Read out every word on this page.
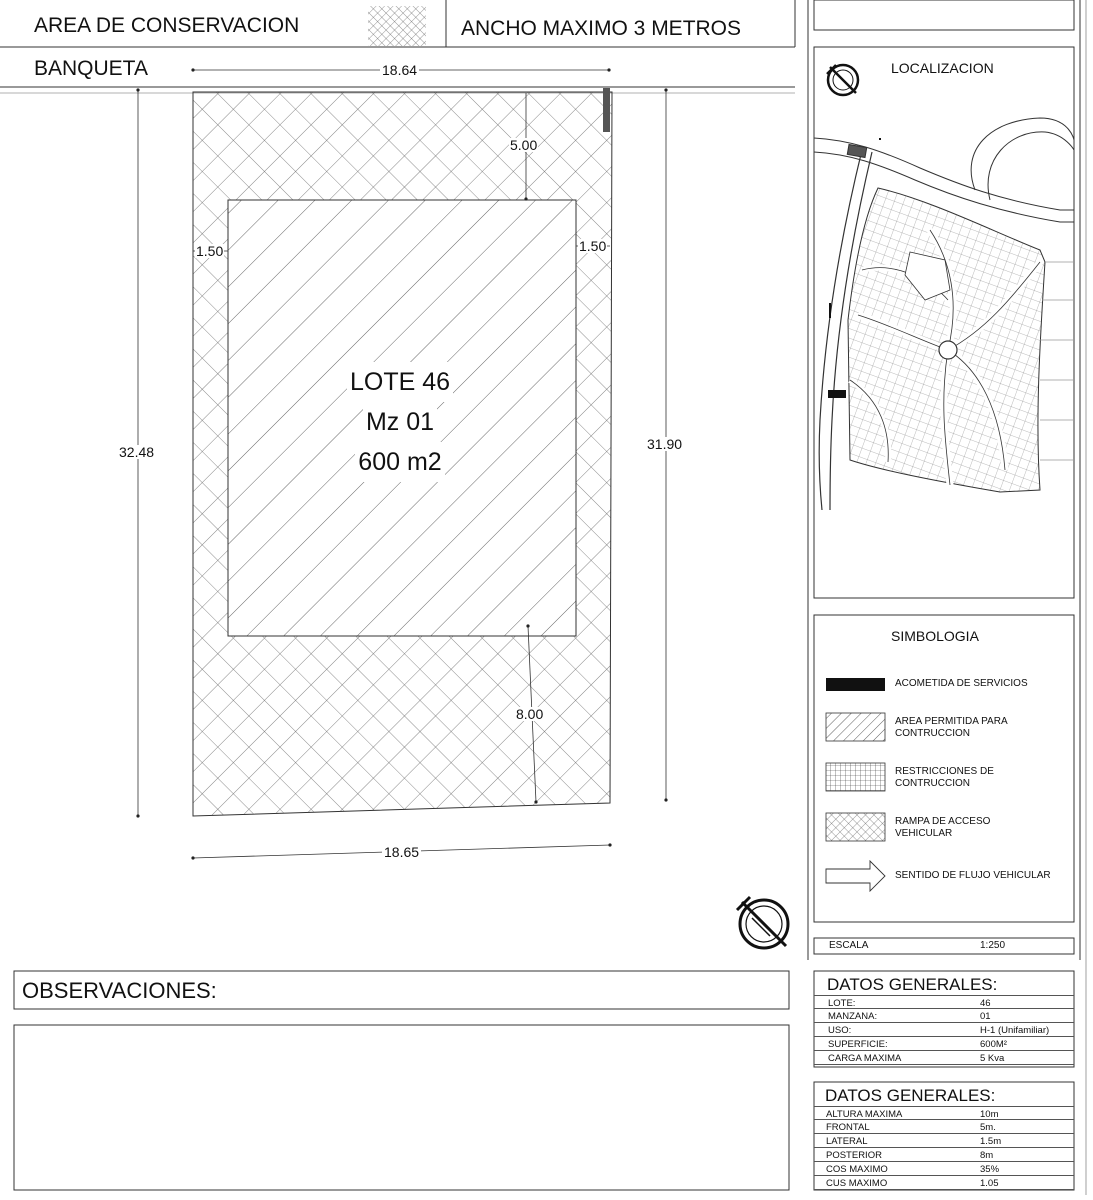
AREA DE CONSERVACION	ANCHO MAXIMO 3 METROS
BANQUETA	18.64
18.65
32.48	31.90
5.00
8.00
1.50	1.50
LOTE 46
Mz 01
600 m2
LOCALIZACION
SIMBOLOGIA
ACOMETIDA DE SERVICIOS
AREA PERMITIDA PARA
CONTRUCCION
RESTRICCIONES DE
CONTRUCCION
RAMPA DE ACCESO
VEHICULAR
SENTIDO DE FLUJO VEHICULAR
ESCALA	1:250
OBSERVACIONES:	DATOS GENERALES:
LOTE:	46
MANZANA:	01
USO:	H-1 (Unifamiliar)
SUPERFICIE:	600M²
CARGA MAXIMA	5 Kva
DATOS GENERALES:
ALTURA MAXIMA	10m
FRONTAL	5m.
LATERAL	1.5m
POSTERIOR	8m
COS MAXIMO	35%
CUS MAXIMO	1.05
